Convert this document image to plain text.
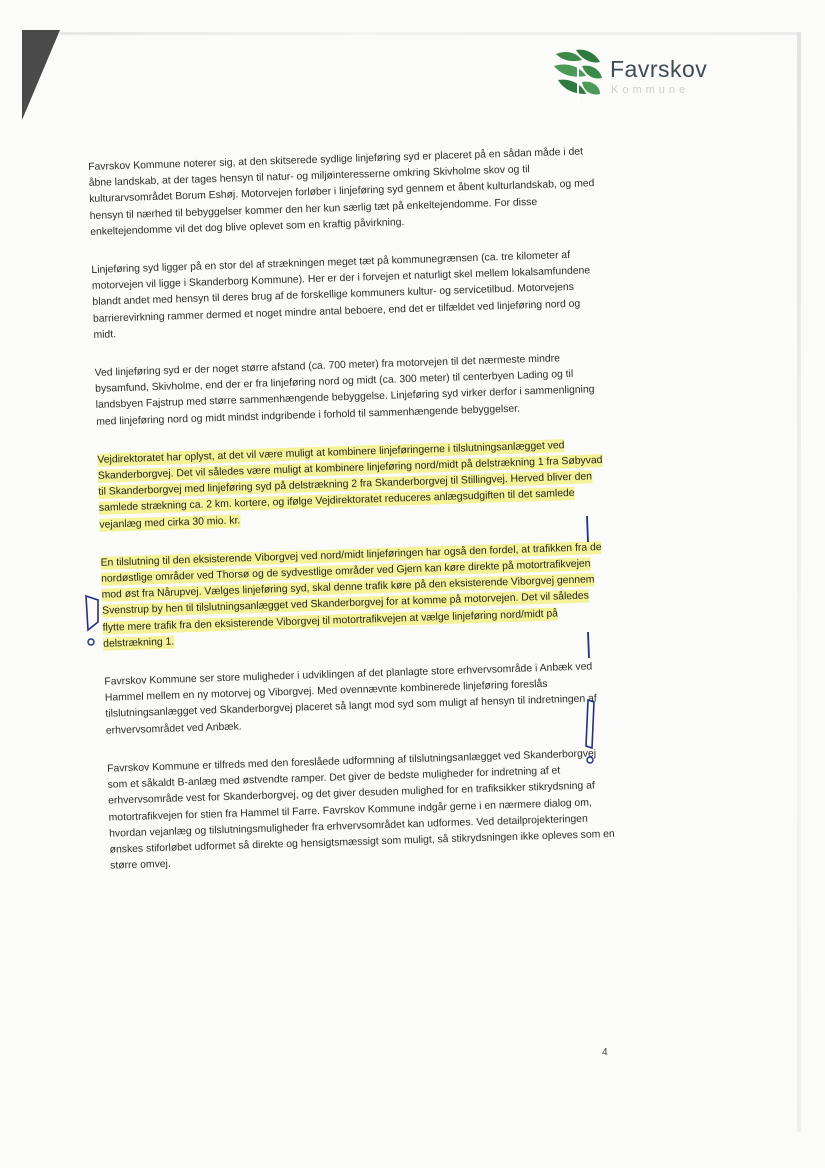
Favrskov
Kommune

Favrskov Kommune noterer sig, at den skitserede sydlige linjeføring syd er placeret på en sådan måde i det åbne landskab, at der tages hensyn til natur- og miljøinteresserne omkring Skivholme skov og til kulturarvsområdet Borum Eshøj. Motorvejen forløber i linjeføring syd gennem et åbent kulturlandskab, og med hensyn til nærhed til bebyggelser kommer den her kun særlig tæt på enkeltejendomme. For disse enkeltejendomme vil det dog blive oplevet som en kraftig påvirkning.

Linjeføring syd ligger på en stor del af strækningen meget tæt på kommunegrænsen (ca. tre kilometer af motorvejen vil ligge i Skanderborg Kommune). Her er der i forvejen et naturligt skel mellem lokalsamfundene blandt andet med hensyn til deres brug af de forskellige kommuners kultur- og servicetilbud. Motorvejens barrierevirkning rammer dermed et noget mindre antal beboere, end det er tilfældet ved linjeføring nord og midt.

Ved linjeføring syd er der noget større afstand (ca. 700 meter) fra motorvejen til det nærmeste mindre bysamfund, Skivholme, end der er fra linjeføring nord og midt (ca. 300 meter) til centerbyen Lading og til landsbyen Fajstrup med større sammenhængende bebyggelse. Linjeføring syd virker derfor i sammenligning med linjeføring nord og midt mindst indgribende i forhold til sammenhængende bebyggelser.

Vejdirektoratet har oplyst, at det vil være muligt at kombinere linjeføringerne i tilslutningsanlægget ved Skanderborgvej. Det vil således være muligt at kombinere linjeføring nord/midt på delstrækning 1 fra Søbyvad til Skanderborgvej med linjeføring syd på delstrækning 2 fra Skanderborgvej til Stillingvej. Herved bliver den samlede strækning ca. 2 km. kortere, og ifølge Vejdirektoratet reduceres anlægsudgiften til det samlede vejanlæg med cirka 30 mio. kr.

En tilslutning til den eksisterende Viborgvej ved nord/midt linjeføringen har også den fordel, at trafikken fra de nordøstlige områder ved Thorsø og de sydvestlige områder ved Gjern kan køre direkte på motortrafikvejen mod øst fra Nårupvej. Vælges linjeføring syd, skal denne trafik køre på den eksisterende Viborgvej gennem Svenstrup by hen til tilslutningsanlægget ved Skanderborgvej for at komme på motorvejen. Det vil således flytte mere trafik fra den eksisterende Viborgvej til motortrafikvejen at vælge linjeføring nord/midt på delstrækning 1.

Favrskov Kommune ser store muligheder i udviklingen af det planlagte store erhvervsområde i Anbæk ved Hammel mellem en ny motorvej og Viborgvej. Med ovennævnte kombinerede linjeføring foreslås tilslutningsanlægget ved Skanderborgvej placeret så langt mod syd som muligt af hensyn til indretningen af erhvervsområdet ved Anbæk.

Favrskov Kommune er tilfreds med den foreslåede udformning af tilslutningsanlægget ved Skanderborgvej som et såkaldt B-anlæg med østvendte ramper. Det giver de bedste muligheder for indretning af et erhvervsområde vest for Skanderborgvej, og det giver desuden mulighed for en trafiksikker stikrydsning af motortrafikvejen for stien fra Hammel til Farre. Favrskov Kommune indgår gerne i en nærmere dialog om, hvordan vejanlæg og tilslutningsmuligheder fra erhvervsområdet kan udformes. Ved detailprojekteringen ønskes stiforløbet udformet så direkte og hensigtsmæssigt som muligt, så stikrydsningen ikke opleves som en større omvej.

4
